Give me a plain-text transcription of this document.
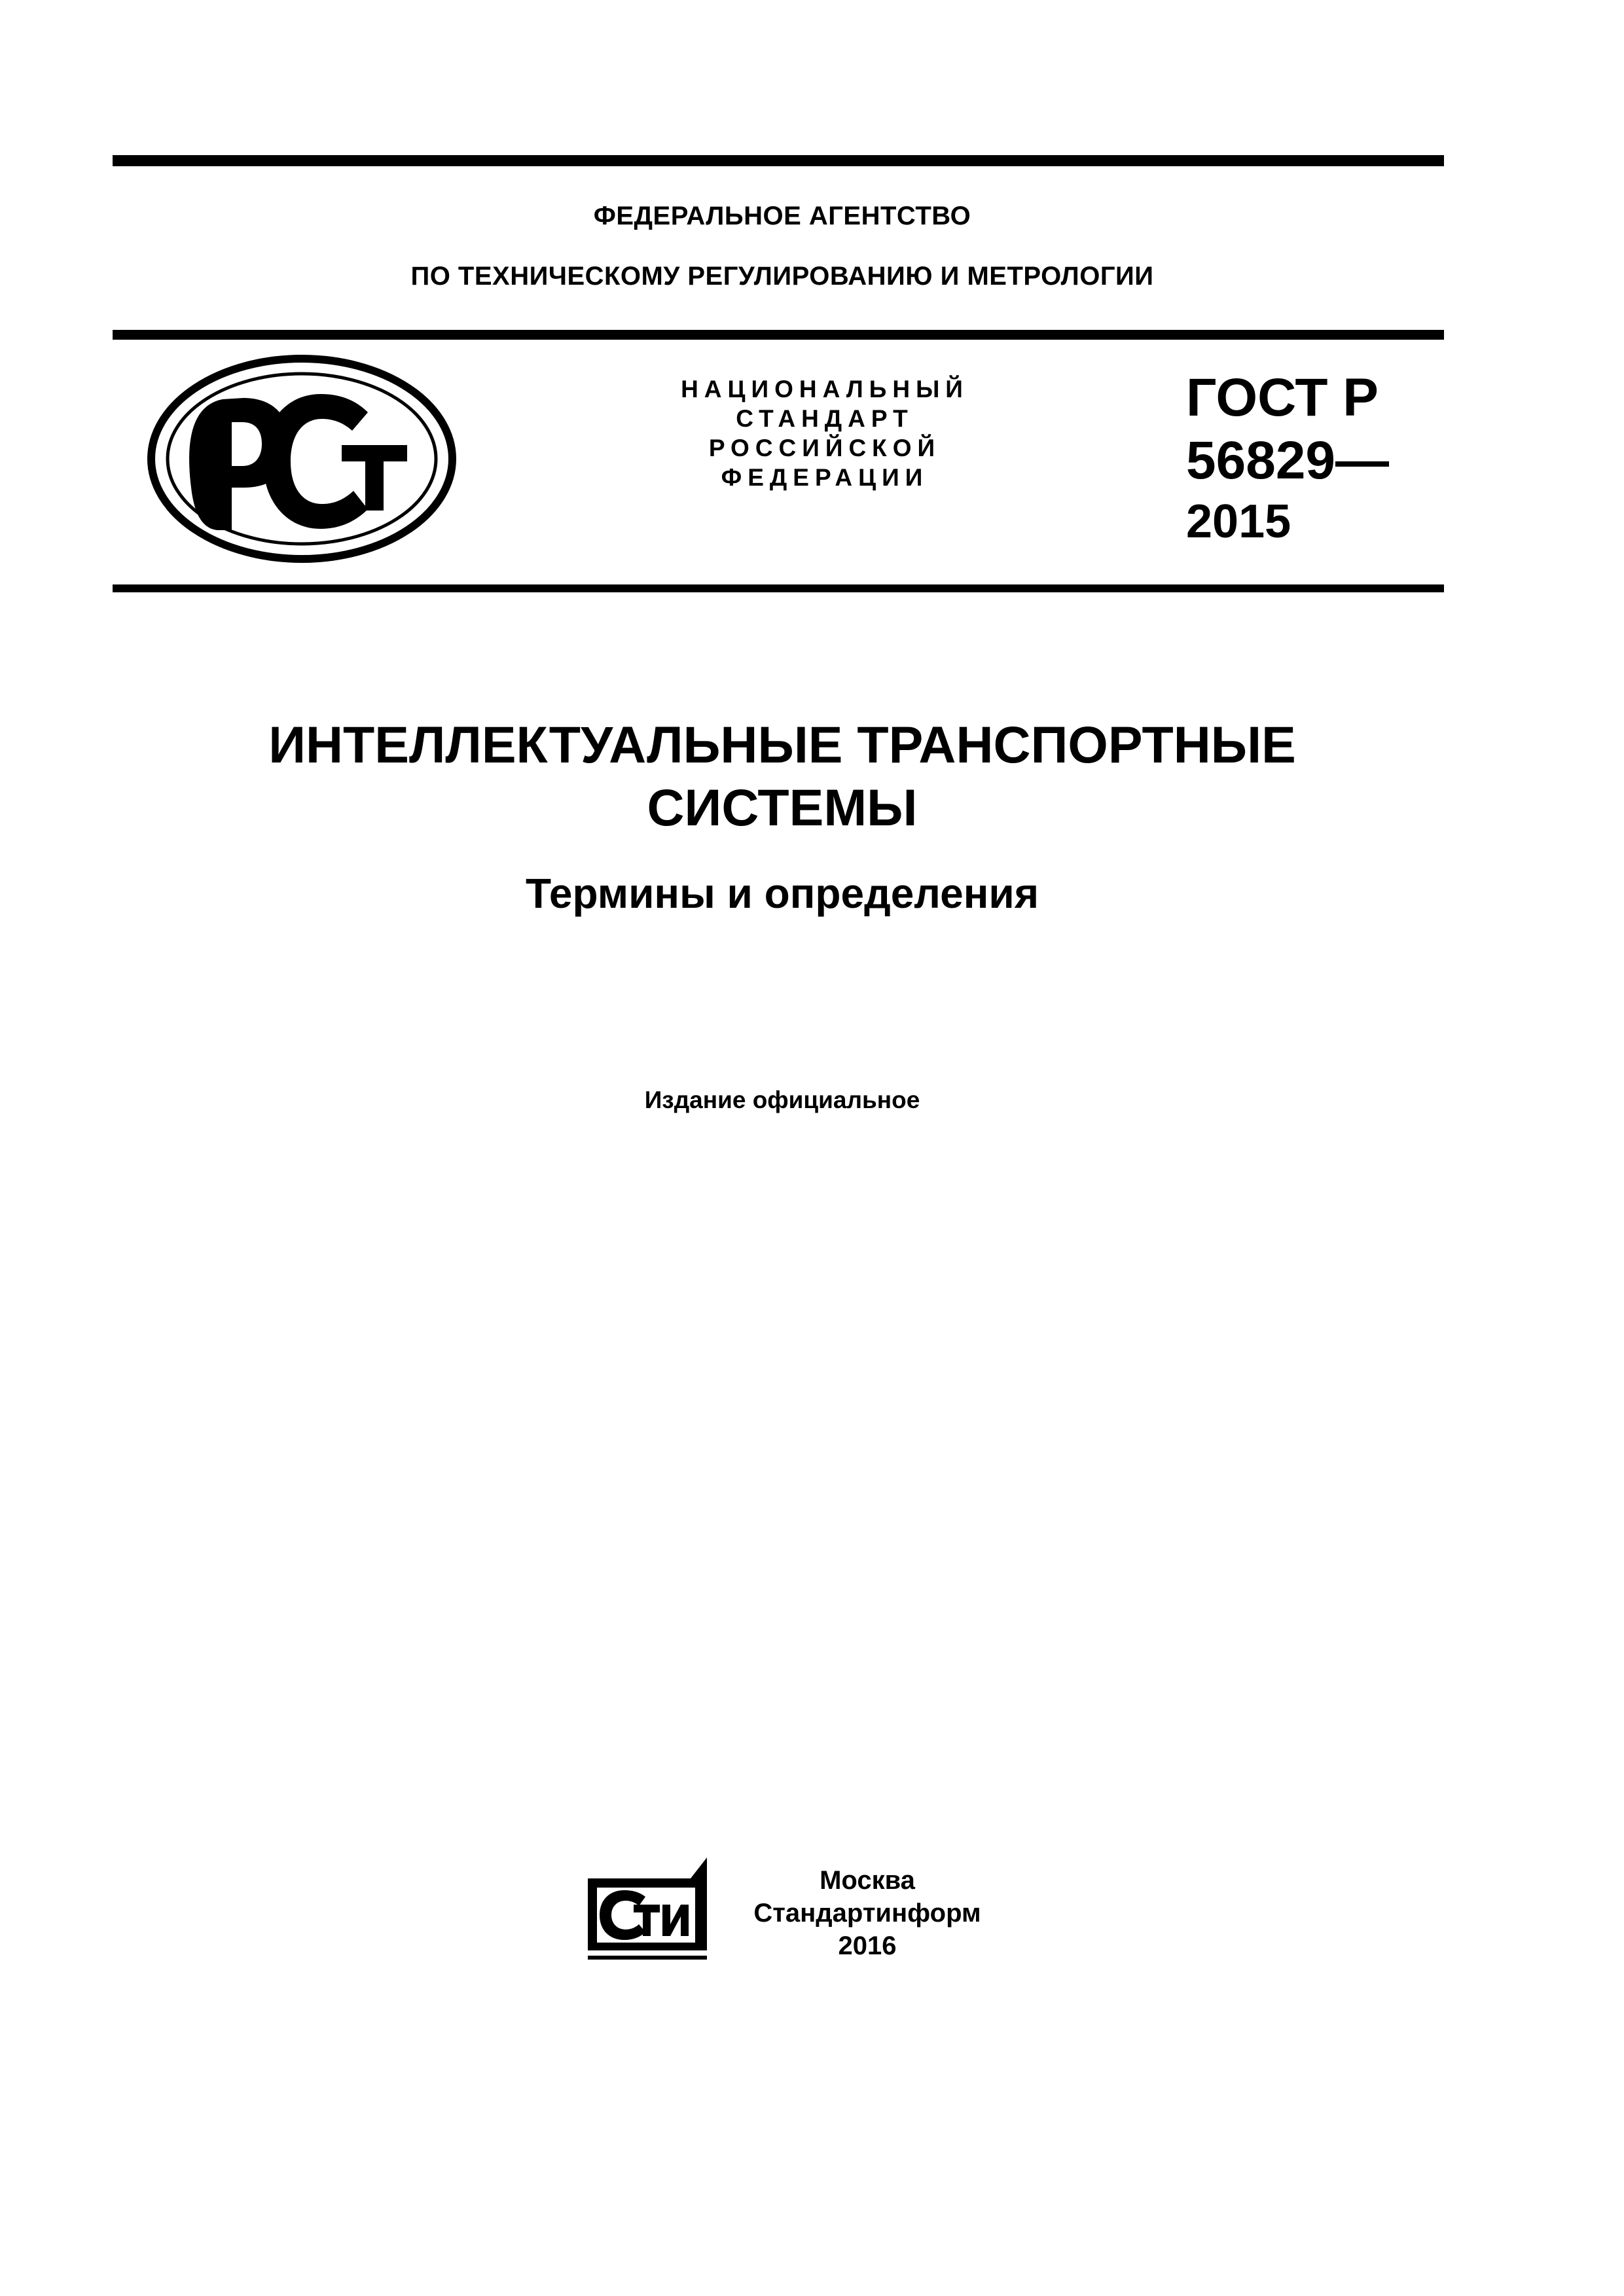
ФЕДЕРАЛЬНОЕ АГЕНТСТВО
ПО ТЕХНИЧЕСКОМУ РЕГУЛИРОВАНИЮ И МЕТРОЛОГИИ
НАЦИОНАЛЬНЫЙ
СТАНДАРТ
РОССИЙСКОЙ
ФЕДЕРАЦИИ
ГОСТ Р
56829—
2015
ИНТЕЛЛЕКТУАЛЬНЫЕ ТРАНСПОРТНЫЕ
СИСТЕМЫ
Термины и определения
Издание официальное
Москва
Стандартинформ
2016
